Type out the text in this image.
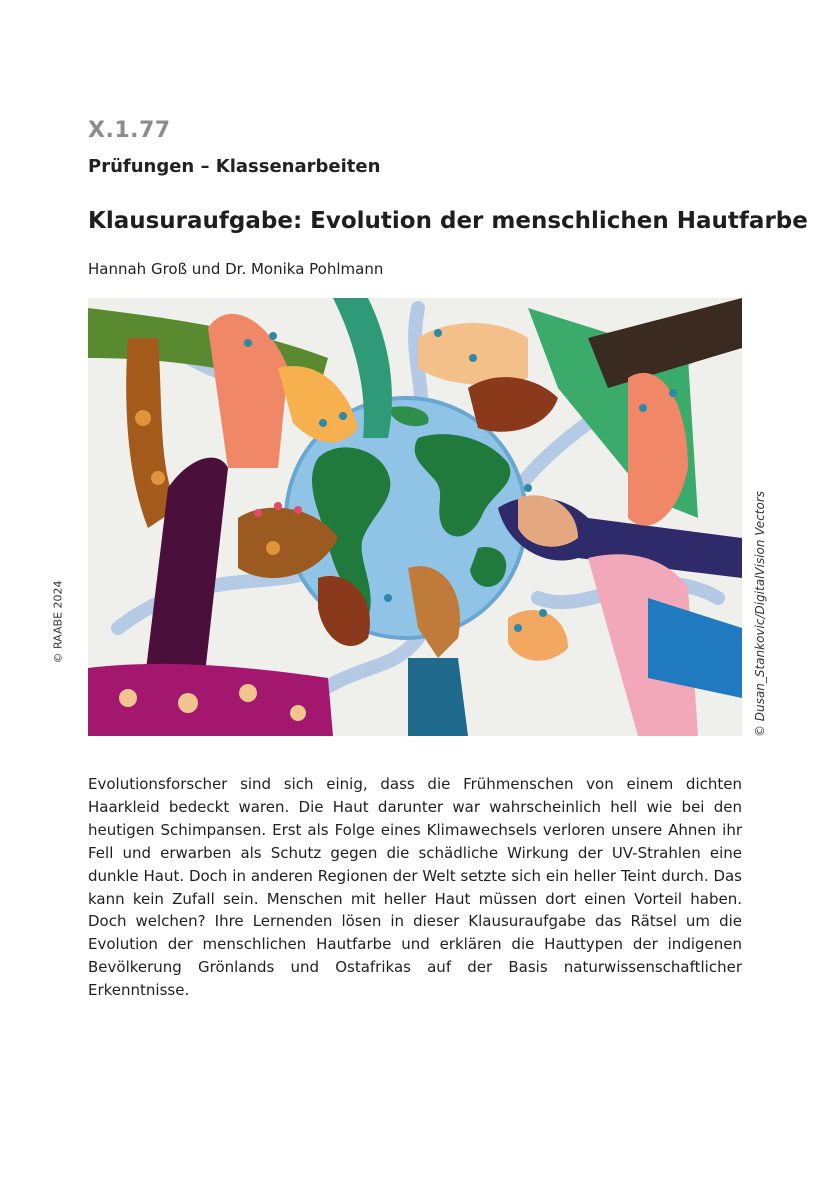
X.1.77
Prüfungen – Klassenarbeiten
Klausuraufgabe: Evolution der menschlichen Hautfarbe
Hannah Groß und Dr. Monika Pohlmann
© RAABE 2024	© Dusan_Stankovic/DigitalVision Vectors
Evolutionsforscher sind sich einig, dass die Frühmenschen von einem dichten Haarkleid bedeckt waren. Die Haut darunter war wahrscheinlich hell wie bei den heutigen Schimpansen. Erst als Folge eines Klimawechsels verloren unsere Ahnen ihr Fell und erwarben als Schutz gegen die schädliche Wirkung der UV-Strahlen eine dunkle Haut. Doch in anderen Regionen der Welt setzte sich ein heller Teint durch. Das kann kein Zufall sein. Menschen mit heller Haut müssen dort einen Vorteil haben. Doch welchen? Ihre Lernenden lösen in dieser Klausuraufgabe das Rätsel um die Evolution der menschlichen Hautfarbe und erklären die Hauttypen der indigenen Bevölkerung Grönlands und Ostafrikas auf der Basis naturwissenschaftlicher Erkenntnisse.
